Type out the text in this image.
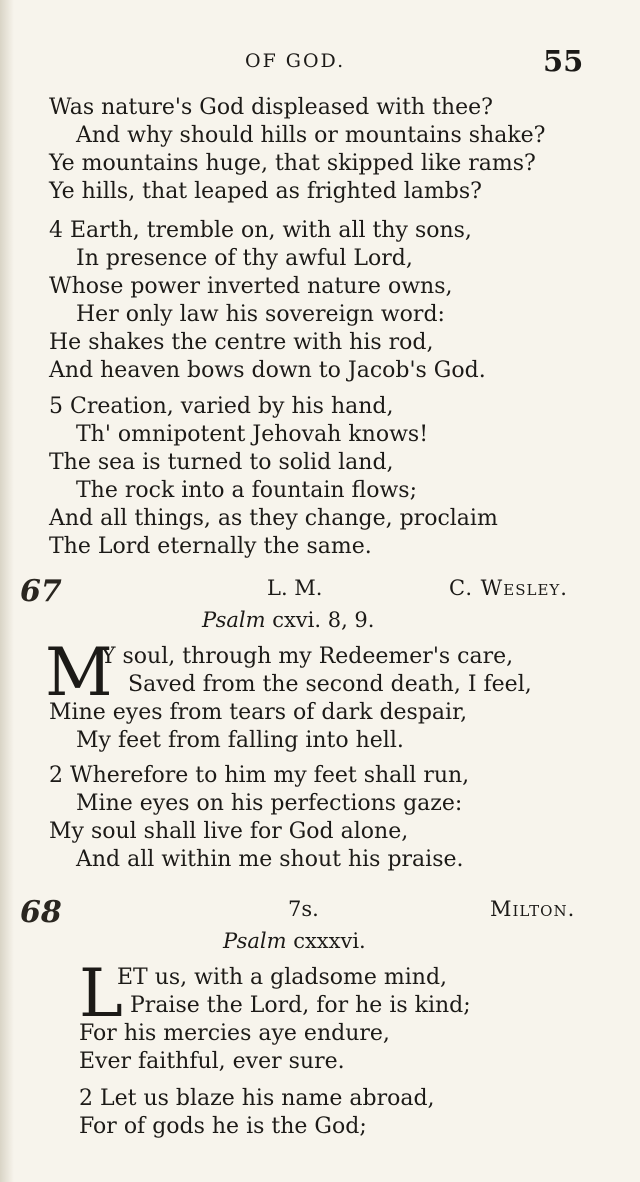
OF GOD.	55
Was nature's God displeased with thee?
And why should hills or mountains shake?
Ye mountains huge, that skipped like rams?
Ye hills, that leaped as frighted lambs?
4 Earth, tremble on, with all thy sons,
In presence of thy awful Lord,
Whose power inverted nature owns,
Her only law his sovereign word:
He shakes the centre with his rod,
And heaven bows down to Jacob's God.
5 Creation, varied by his hand,
Th' omnipotent Jehovah knows!
The sea is turned to solid land,
The rock into a fountain flows;
And all things, as they change, proclaim
The Lord eternally the same.
67	L. M.	C. Wesley.
Psalm cxvi. 8, 9.
M
Y soul, through my Redeemer's care,
Saved from the second death, I feel,
Mine eyes from tears of dark despair,
My feet from falling into hell.
2 Wherefore to him my feet shall run,
Mine eyes on his perfections gaze:
My soul shall live for God alone,
And all within me shout his praise.
68	7s.	Milton.
Psalm cxxxvi.
L
ET us, with a gladsome mind,
Praise the Lord, for he is kind;
For his mercies aye endure,
Ever faithful, ever sure.
2 Let us blaze his name abroad,
For of gods he is the God;
